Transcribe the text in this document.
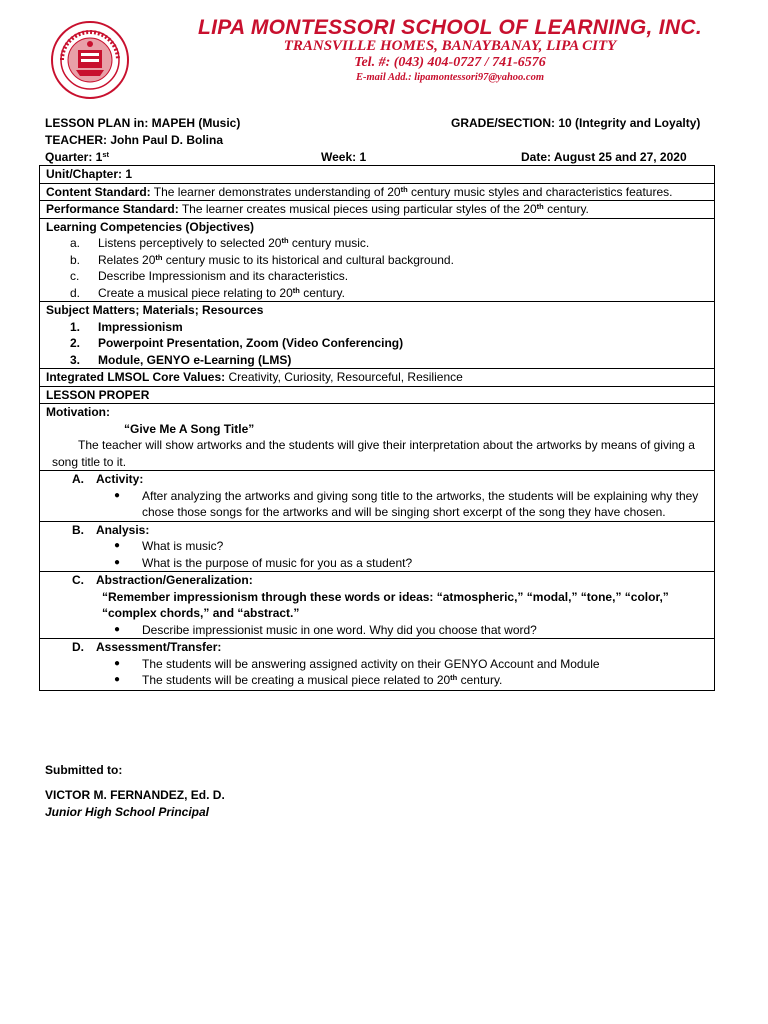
LIPA MONTESSORI SCHOOL OF LEARNING, INC.
TRANSVILLE HOMES, BANAYBANAY, LIPA CITY
Tel. #: (043) 404-0727 / 741-6576
E-mail Add.: lipamontessori97@yahoo.com
LESSON PLAN in: MAPEH (Music)	GRADE/SECTION: 10 (Integrity and Loyalty)
TEACHER: John Paul D. Bolina
Quarter: 1st	Week: 1	Date: August 25 and 27, 2020
Unit/Chapter: 1
Content Standard: The learner demonstrates understanding of 20th century music styles and characteristics features.
Performance Standard: The learner creates musical pieces using particular styles of the 20th century.
Learning Competencies (Objectives)
a.	Listens perceptively to selected 20th century music.
b.	Relates 20th century music to its historical and cultural background.
c.	Describe Impressionism and its characteristics.
d.	Create a musical piece relating to 20th century.
Subject Matters; Materials; Resources
1.	Impressionism
2.	Powerpoint Presentation, Zoom (Video Conferencing)
3.	Module, GENYO e-Learning (LMS)
Integrated LMSOL Core Values: Creativity, Curiosity, Resourceful, Resilience
LESSON PROPER
Motivation:
“Give Me A Song Title”
The teacher will show artworks and the students will give their interpretation about the artworks by means of giving a song title to it.
A.	Activity:
●	After analyzing the artworks and giving song title to the artworks, the students will be explaining why they chose those songs for the artworks and will be singing short excerpt of the song they have chosen.
B.	Analysis:
●	What is music?
●	What is the purpose of music for you as a student?
C.	Abstraction/Generalization:
“Remember impressionism through these words or ideas: “atmospheric,” “modal,” “tone,” “color,” “complex chords,” and “abstract.”
●	Describe impressionist music in one word. Why did you choose that word?
D.	Assessment/Transfer:
●	The students will be answering assigned activity on their GENYO Account and Module
●	The students will be creating a musical piece related to 20th century.
Submitted to:
VICTOR M. FERNANDEZ, Ed. D.
Junior High School Principal
